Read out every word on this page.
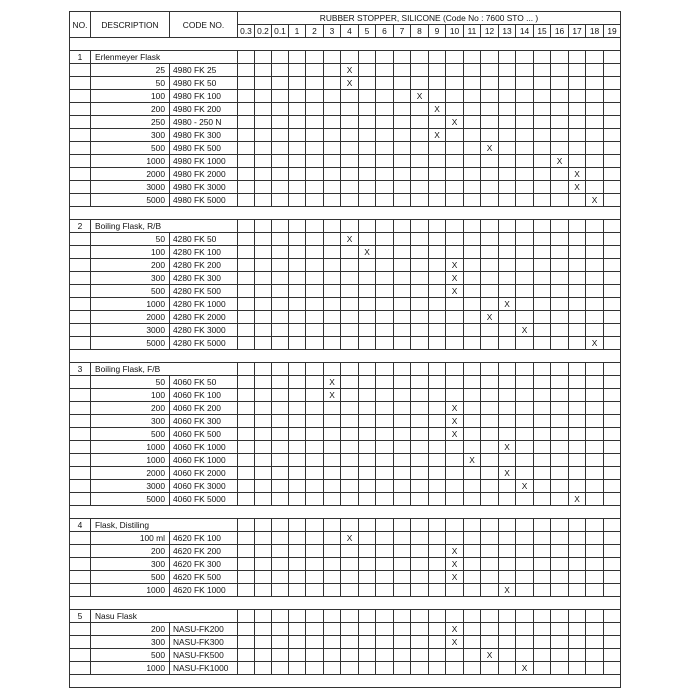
NO.	DESCRIPTION	CODE NO.	RUBBER STOPPER, SILICONE (Code No : 7600 STO ... )																					
			0.3	0.2	0.1	1	2	3	4	5	6	7	8	9	10	11	12	13	14	15	16	17	18	19

1	Erlenmeyer Flask																							
	25	4980 FK 25							X															
	50	4980 FK 50							X															
	100	4980 FK 100											X											
	200	4980 FK 200												X										
	250	4980 - 250 N													X									
	300	4980 FK 300												X										
	500	4980 FK 500															X							
	1000	4980 FK 1000																			X			
	2000	4980 FK 2000																				X		
	3000	4980 FK 3000																				X		
	5000	4980 FK 5000																					X	

2	Boiling Flask, R/B																							
	50	4280 FK 50							X															
	100	4280 FK 100								X														
	200	4280 FK 200													X									
	300	4280 FK 300													X									
	500	4280 FK 500													X									
	1000	4280 FK 1000																X						
	2000	4280 FK 2000															X							
	3000	4280 FK 3000																	X					
	5000	4280 FK 5000																					X	

3	Boiling Flask, F/B																							
	50	4060 FK 50						X																
	100	4060 FK 100						X																
	200	4060 FK 200													X									
	300	4060 FK 300													X									
	500	4060 FK 500													X									
	1000	4060 FK 1000																X						
	1000	4060 FK 1000														X								
	2000	4060 FK 2000																X						
	3000	4060 FK 3000																	X					
	5000	4060 FK 5000																				X		

4	Flask, Distiling																							
	100 ml	4620 FK 100							X															
	200	4620 FK 200													X									
	300	4620 FK 300													X									
	500	4620 FK 500													X									
	1000	4620 FK 1000																X						

5	Nasu Flask																							
	200	NASU-FK200													X									
	300	NASU-FK300													X									
	500	NASU-FK500															X							
	1000	NASU-FK1000																	X					
